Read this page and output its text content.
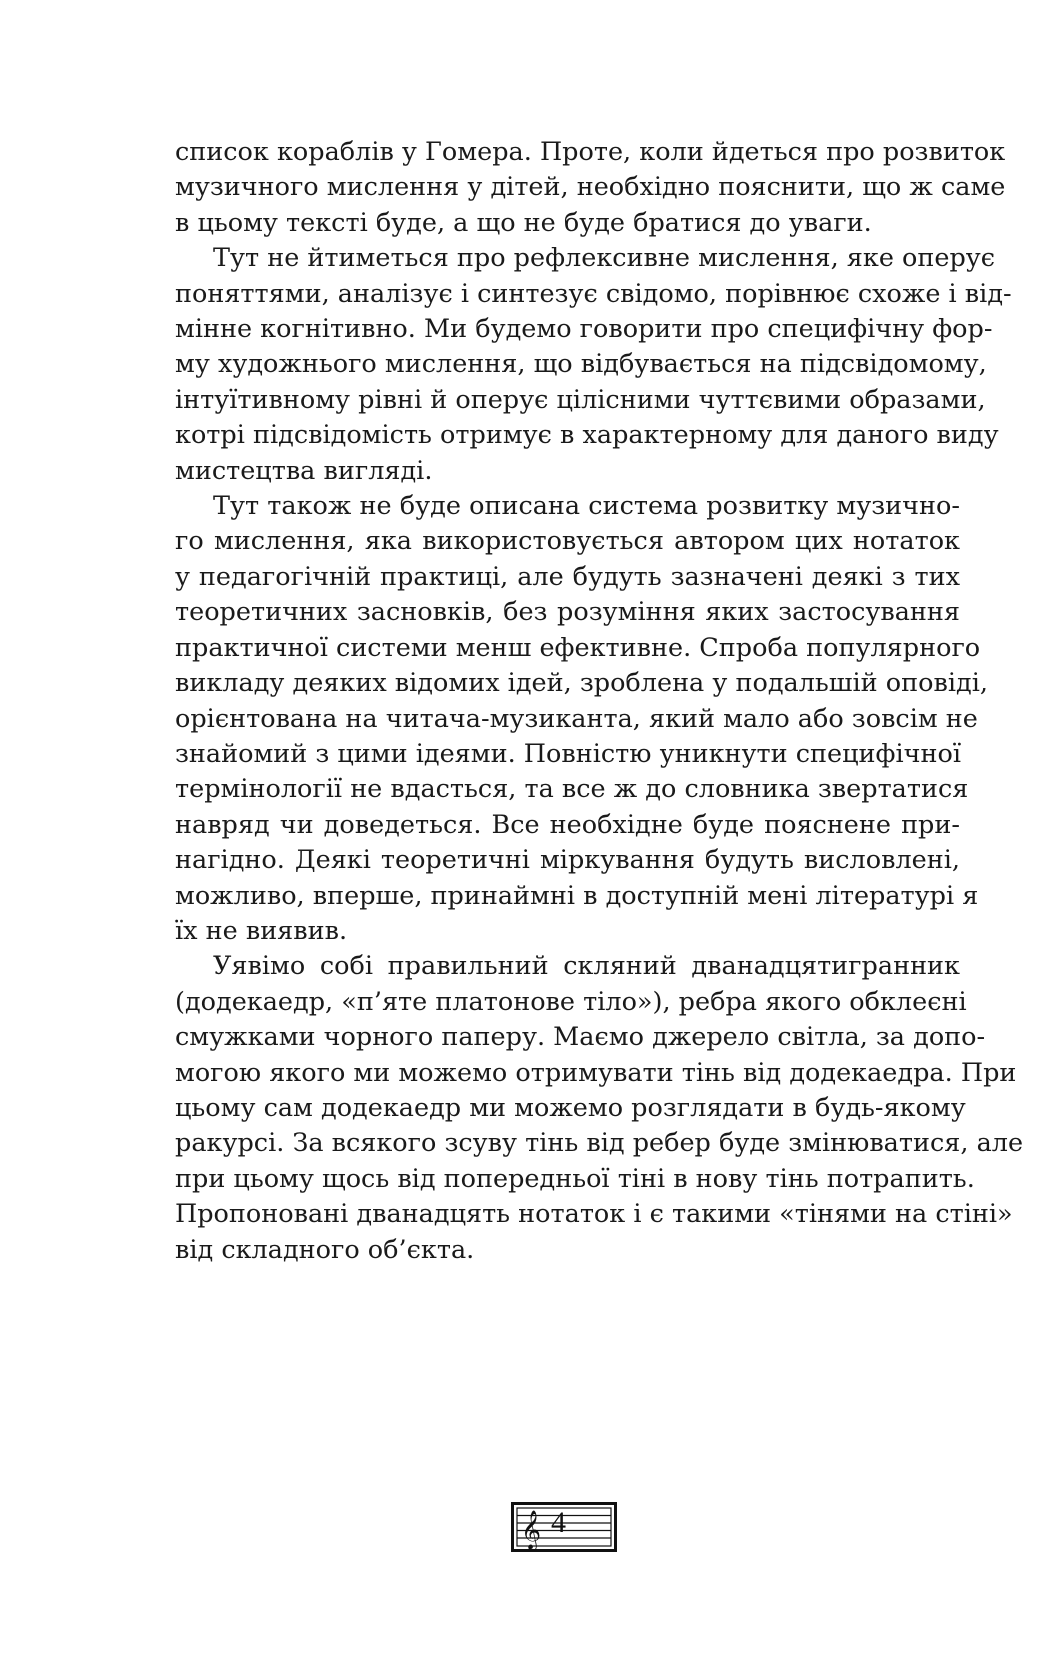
список кораблів у Гомера. Проте, коли йдеться про розвиток
музичного мислення у дітей, необхідно пояснити, що ж саме
в цьому тексті буде, а що не буде братися до уваги.
Тут не йтиметься про рефлексивне мислення, яке оперує
поняттями, аналізує і синтезує свідомо, порівнює схоже і від-
мінне когнітивно. Ми будемо говорити про специфічну фор-
му художнього мислення, що відбувається на підсвідомому,
інтуїтивному рівні й оперує цілісними чуттєвими образами,
котрі підсвідомість отримує в характерному для даного виду
мистецтва вигляді.
Тут також не буде описана система розвитку музично-
го мислення, яка використовується автором цих нотаток
у педагогічній практиці, але будуть зазначені деякі з тих
теоретичних засновків, без розуміння яких застосування
практичної системи менш ефективне. Спроба популярного
викладу деяких відомих ідей, зроблена у подальшій оповіді,
орієнтована на читача-музиканта, який мало або зовсім не
знайомий з цими ідеями. Повністю уникнути специфічної
термінології не вдасться, та все ж до словника звертатися
навряд чи доведеться. Все необхідне буде пояснене при-
нагідно. Деякі теоретичні міркування будуть висловлені,
можливо, вперше, принаймні в доступній мені літературі я
їх не виявив.
Уявімо собі правильний скляний дванадцятигранник
(додекаедр, «п’яте платонове тіло»), ребра якого обклеєні
смужками чорного паперу. Маємо джерело світла, за допо-
могою якого ми можемо отримувати тінь від додекаедра. При
цьому сам додекаедр ми можемо розглядати в будь-якому
ракурсі. За всякого зсуву тінь від ребер буде змінюватися, але
при цьому щось від попередньої тіні в нову тінь потрапить.
Пропоновані дванадцять нотаток і є такими «тінями на стіні»
від складного об’єкта.
𝄞 4
